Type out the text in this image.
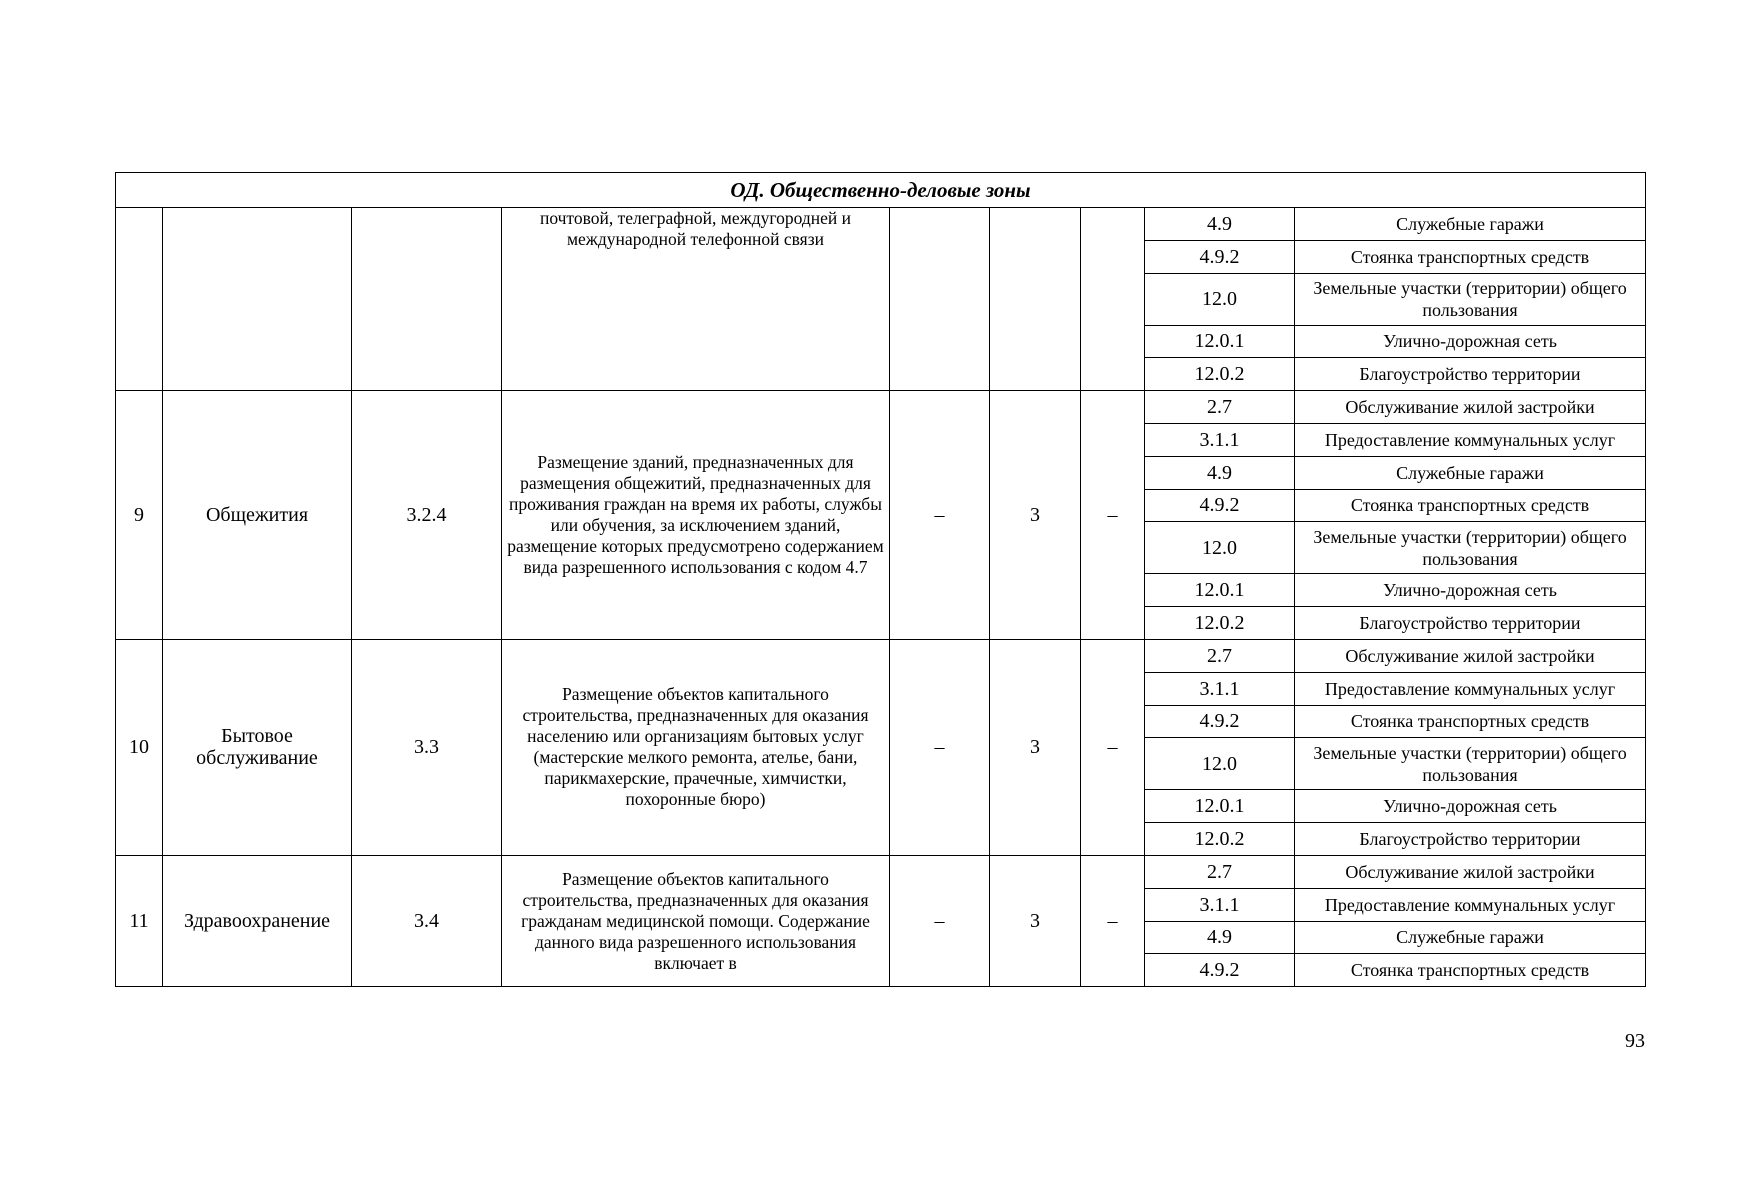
ОД. Общественно-деловые зоны								
			почтовой, телеграфной, междугородней и международной телефонной связи				4.9	Служебные гаражи
							4.9.2	Стоянка транспортных средств
							12.0	Земельные участки (территории) общего пользования
							12.0.1	Улично-дорожная сеть
							12.0.2	Благоустройство территории
9	Общежития	3.2.4	Размещение зданий, предназначенных для размещения общежитий, предназначенных для проживания граждан на время их работы, службы или обучения, за исключением зданий, размещение которых предусмотрено содержанием вида разрешенного использования с кодом 4.7	–	3	–	2.7	Обслуживание жилой застройки
							3.1.1	Предоставление коммунальных услуг
							4.9	Служебные гаражи
							4.9.2	Стоянка транспортных средств
							12.0	Земельные участки (территории) общего пользования
							12.0.1	Улично-дорожная сеть
							12.0.2	Благоустройство территории
10	Бытовое обслуживание	3.3	Размещение объектов капитального строительства, предназначенных для оказания населению или организациям бытовых услуг (мастерские мелкого ремонта, ателье, бани, парикмахерские, прачечные, химчистки, похоронные бюро)	–	3	–	2.7	Обслуживание жилой застройки
							3.1.1	Предоставление коммунальных услуг
							4.9.2	Стоянка транспортных средств
							12.0	Земельные участки (территории) общего пользования
							12.0.1	Улично-дорожная сеть
							12.0.2	Благоустройство территории
11	Здравоохранение	3.4	Размещение объектов капитального строительства, предназначенных для оказания гражданам медицинской помощи. Содержание данного вида разрешенного использования включает в	–	3	–	2.7	Обслуживание жилой застройки
							3.1.1	Предоставление коммунальных услуг
							4.9	Служебные гаражи
							4.9.2	Стоянка транспортных средств
93
